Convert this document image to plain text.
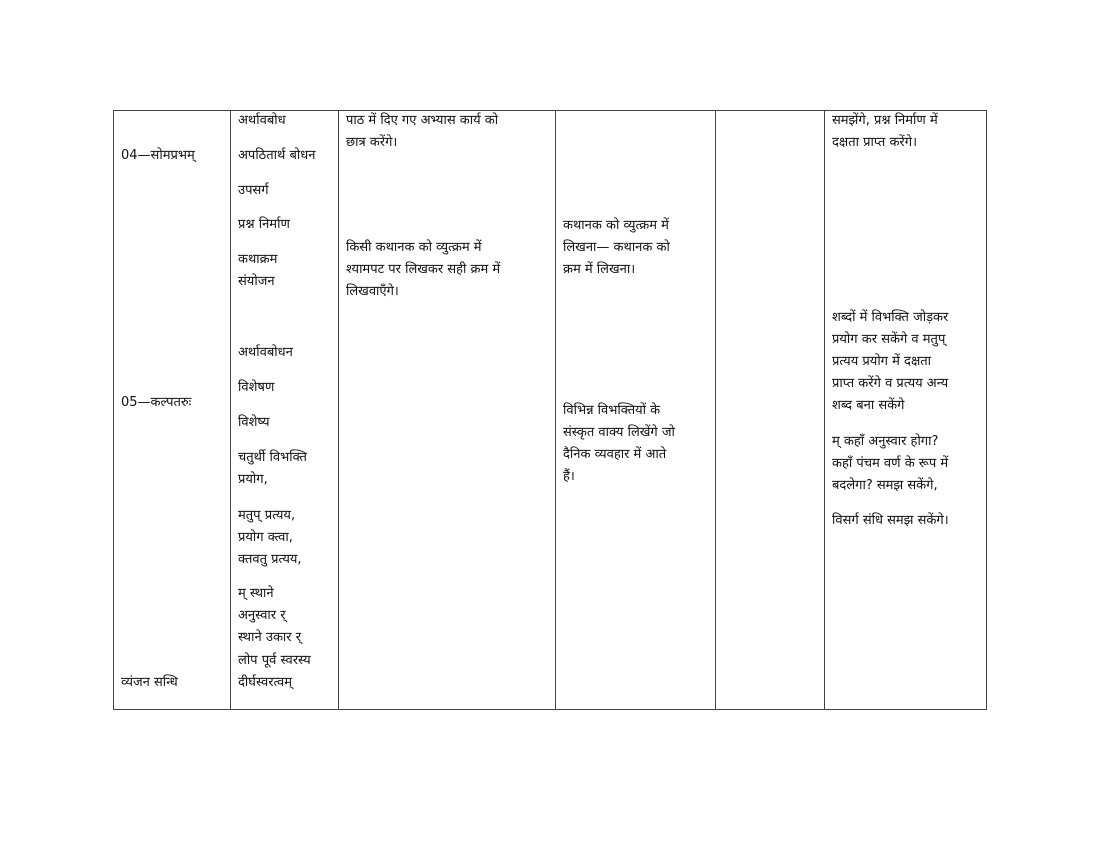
04—सोमप्रभम्
05—कल्पतरुः
व्यंजन सन्धि
अर्थावबोध
अपठितार्थ बोधन
उपसर्ग
प्रश्न निर्माण
कथाक्रम
संयोजन
अर्थावबोधन
विशेषण
विशेष्य
चतुर्थी विभक्ति
प्रयोग,
मतुप् प्रत्यय,
प्रयोग क्त्वा,
क्तवतु प्रत्यय,
म् स्थाने
अनुस्वार र्
स्थाने उकार र्
लोप पूर्व स्वरस्य
दीर्घस्वरत्वम्
पाठ में दिए गए अभ्यास कार्य को
छात्र करेंगे।
किसी कथानक को व्युत्क्रम में
श्यामपट पर लिखकर सही क्रम में
लिखवाएँगे।
कथानक को व्युत्क्रम में
लिखना— कथानक को
क्रम में लिखना।
विभिन्न विभक्तियों के
संस्कृत वाक्य लिखेंगे जो
दैनिक व्यवहार में आते
हैं।
समझेंगे, प्रश्न निर्माण में
दक्षता प्राप्त करेंगे।
शब्दों में विभक्ति जोड़कर
प्रयोग कर सकेंगे व मतुप्
प्रत्यय प्रयोग में दक्षता
प्राप्त करेंगे व प्रत्यय अन्य
शब्द बना सकेंगे
म् कहाँ अनुस्वार होगा?
कहाँ पंचम वर्ण के रूप में
बदलेगा? समझ सकेंगे,
विसर्ग संधि समझ सकेंगे।
